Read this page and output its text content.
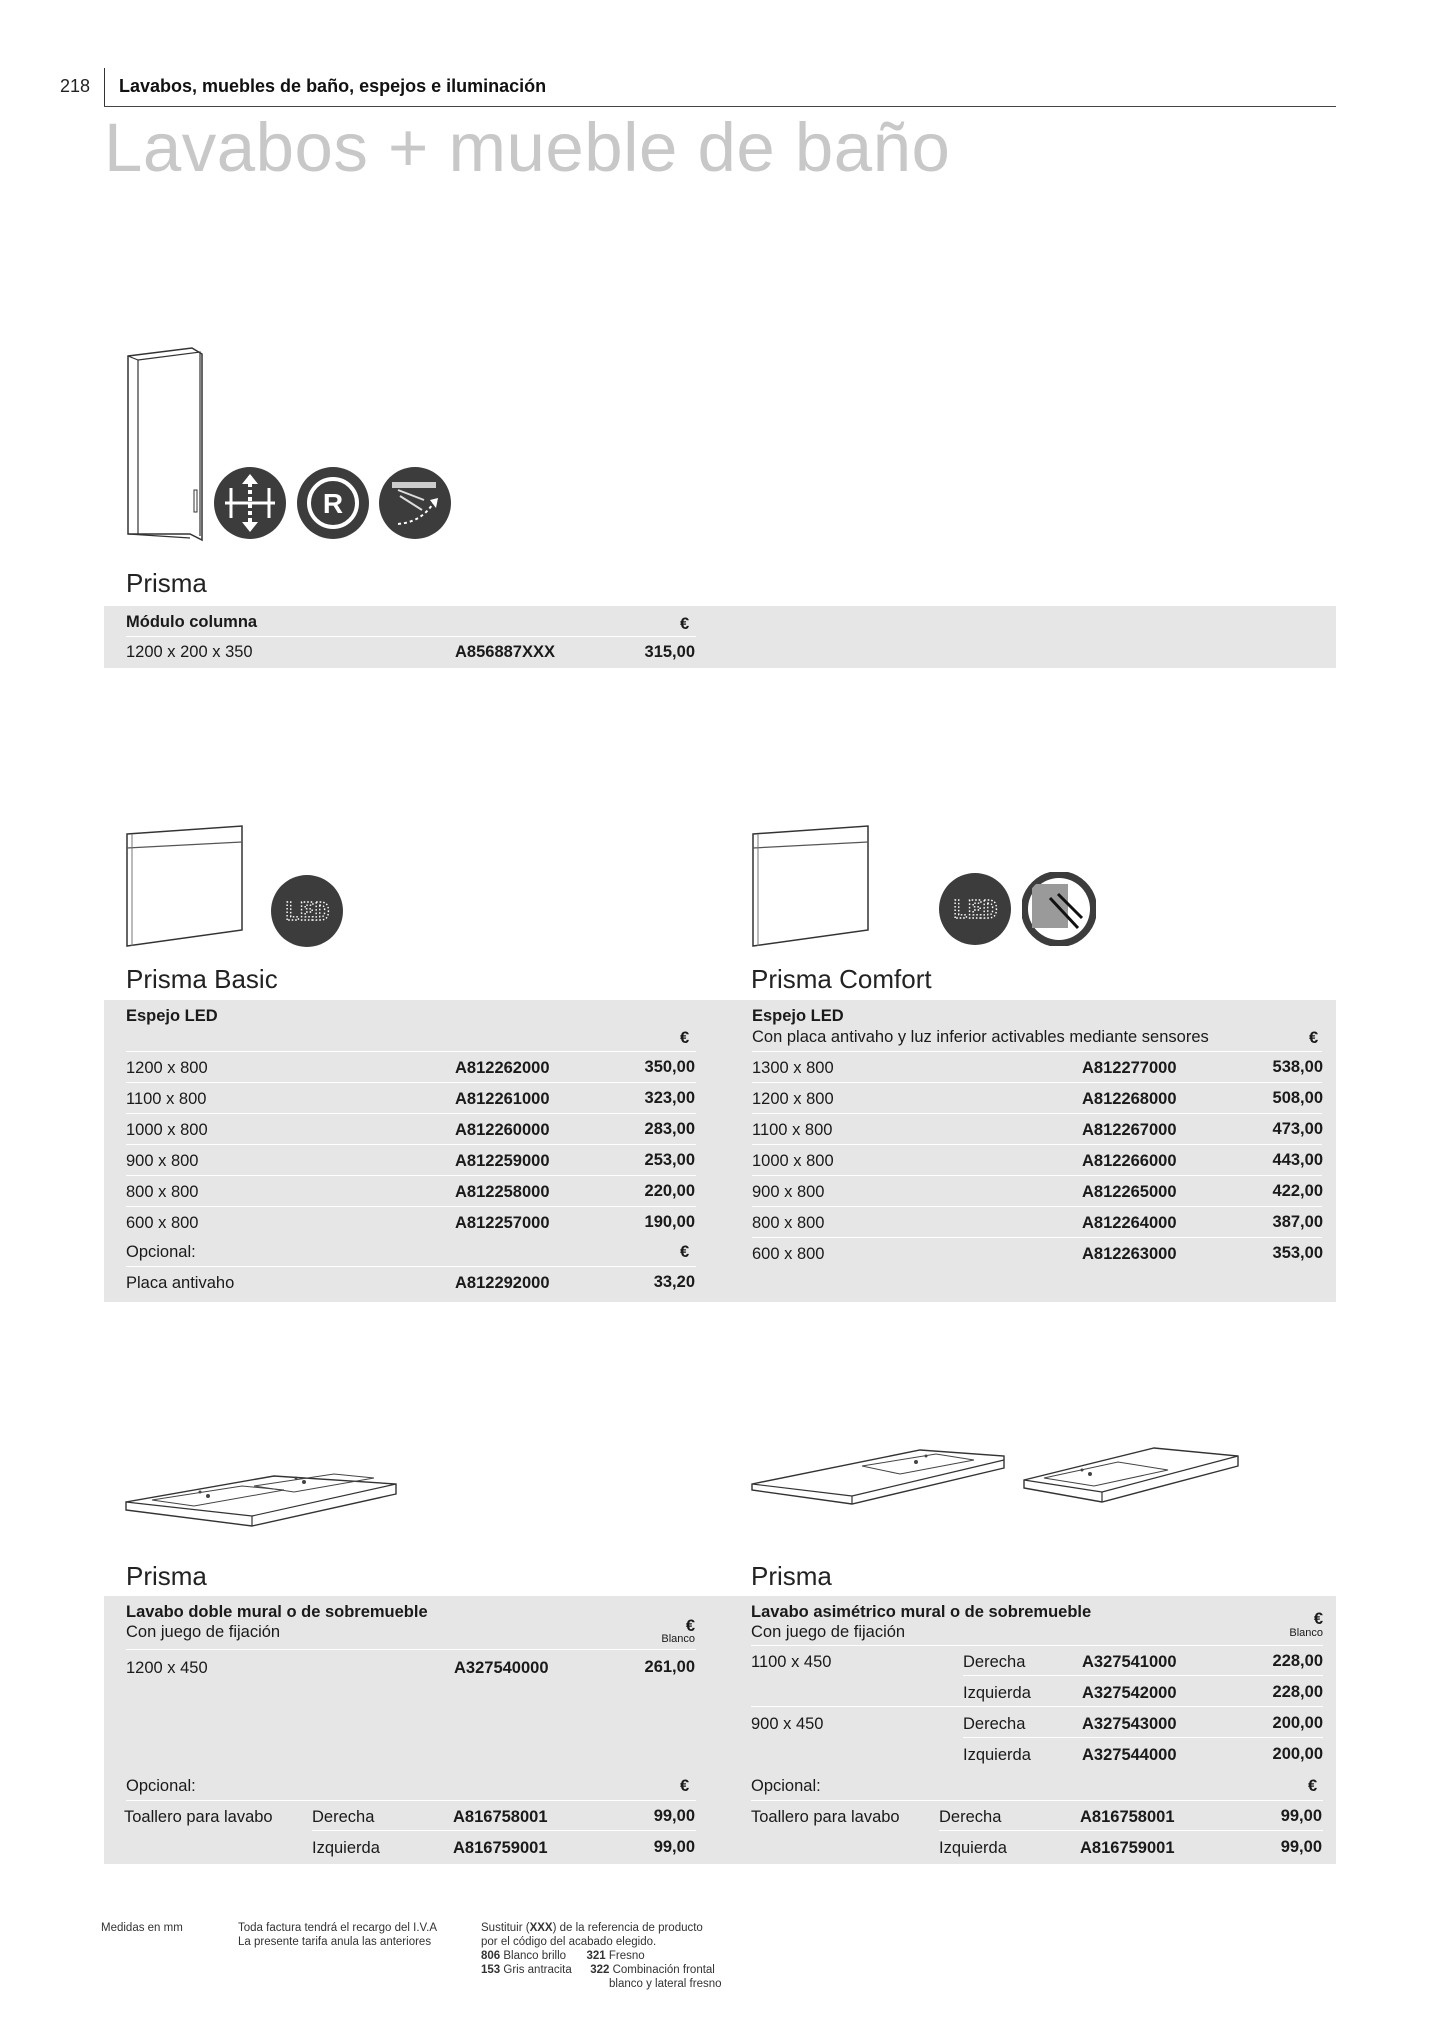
218 Lavabos, muebles de baño, espejos e iluminación
Lavabos + mueble de baño
R
Prisma
Módulo columna	€
1200 x 200 x 350	A856887XXX	315,00
LED	LED
Prisma Basic	Prisma Comfort
Espejo LED
€
1200 x 800	A812262000	350,00
1100 x 800	A812261000	323,00
1000 x 800	A812260000	283,00
900 x 800	A812259000	253,00
800 x 800	A812258000	220,00
600 x 800	A812257000	190,00
Opcional:	€
Placa antivaho	A812292000	33,20
Espejo LED
Con placa antivaho y luz inferior activables mediante sensores	€
1300 x 800	A812277000	538,00
1200 x 800	A812268000	508,00
1100 x 800	A812267000	473,00
1000 x 800	A812266000	443,00
900 x 800	A812265000	422,00
800 x 800	A812264000	387,00
600 x 800	A812263000	353,00
Prisma	Prisma
Lavabo doble mural o de sobremueble
Con juego de fijación	€
Blanco
1200 x 450	A327540000	261,00
Opcional:	€
Toallero para lavabo Derecha	A816758001	99,00
Izquierda	A816759001	99,00
Lavabo asimétrico mural o de sobremueble
Con juego de fijación
€
Blanco
1100 x 450	Derecha	A327541000	228,00
Izquierda	A327542000	228,00
900 x 450	Derecha	A327543000	200,00
Izquierda	A327544000	200,00
Opcional:	€
Toallero para lavabo Derecha	A816758001	99,00
Izquierda	A816759001	99,00
Medidas en mm	Toda factura tendrá el recargo del I.V.A
La presente tarifa anula las anteriores
Sustituir (XXX) de la referencia de producto
por el código del acabado elegido.
806 Blanco brillo 321 Fresno
153 Gris antracita 322 Combinación frontal
blanco y lateral fresno
